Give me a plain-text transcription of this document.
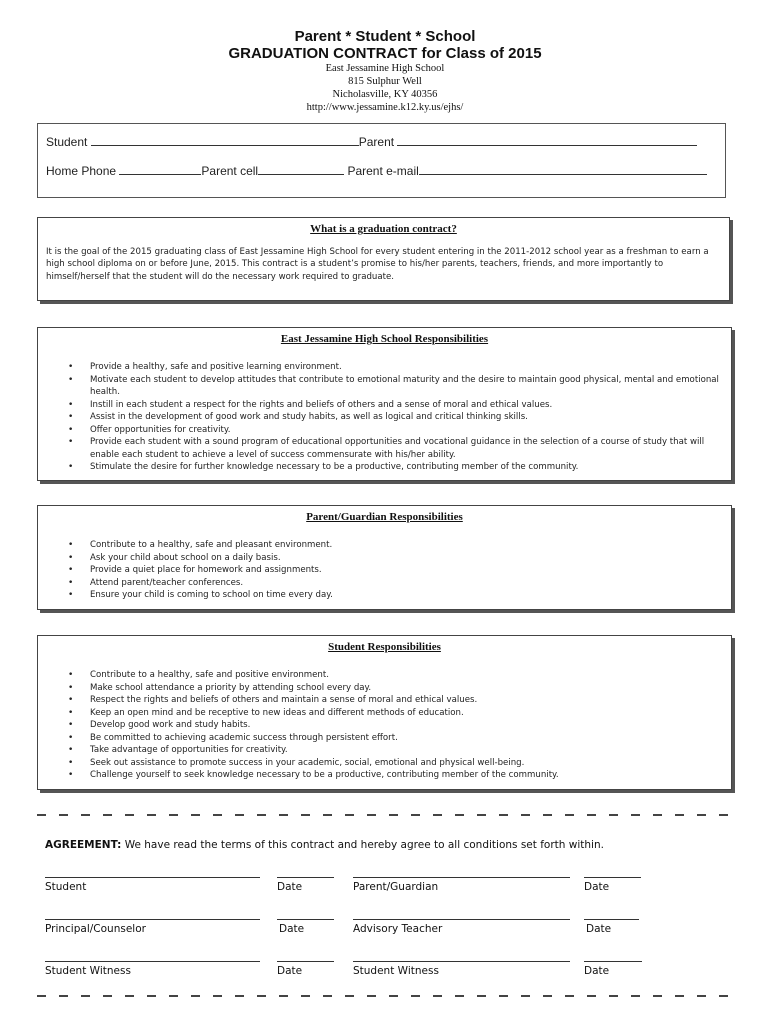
Parent * Student * School
GRADUATION CONTRACT for Class of 2015
East Jessamine High School
815 Sulphur Well
Nicholasville, KY 40356
http://www.jessamine.k12.ky.us/ejhs/
Student	Parent
Home Phone	Parent cell	Parent e-mail
What is a graduation contract?
It is the goal of the 2015 graduating class of East Jessamine High School for every student entering in the 2011-2012 school year as a freshman to earn a high school diploma on or before June, 2015. This contract is a student’s promise to his/her parents, teachers, friends, and more importantly to himself/herself that the student will do the necessary work required to graduate.
East Jessamine High School Responsibilities
• Provide a healthy, safe and positive learning environment.
• Motivate each student to develop attitudes that contribute to emotional maturity and the desire to maintain good physical, mental and emotional health.
• Instill in each student a respect for the rights and beliefs of others and a sense of moral and ethical values.
• Assist in the development of good work and study habits, as well as logical and critical thinking skills.
• Offer opportunities for creativity.
• Provide each student with a sound program of educational opportunities and vocational guidance in the selection of a course of study that will enable each student to achieve a level of success commensurate with his/her ability.
• Stimulate the desire for further knowledge necessary to be a productive, contributing member of the community.
Parent/Guardian Responsibilities
• Contribute to a healthy, safe and pleasant environment.
• Ask your child about school on a daily basis.
• Provide a quiet place for homework and assignments.
• Attend parent/teacher conferences.
• Ensure your child is coming to school on time every day.
Student Responsibilities
• Contribute to a healthy, safe and positive environment.
• Make school attendance a priority by attending school every day.
• Respect the rights and beliefs of others and maintain a sense of moral and ethical values.
• Keep an open mind and be receptive to new ideas and different methods of education.
• Develop good work and study habits.
• Be committed to achieving academic success through persistent effort.
• Take advantage of opportunities for creativity.
• Seek out assistance to promote success in your academic, social, emotional and physical well-being.
• Challenge yourself to seek knowledge necessary to be a productive, contributing member of the community.
AGREEMENT: We have read the terms of this contract and hereby agree to all conditions set forth within.
Student	Date	Parent/Guardian	Date
Principal/Counselor	Date	Advisory Teacher	Date
Student Witness	Date	Student Witness	Date
